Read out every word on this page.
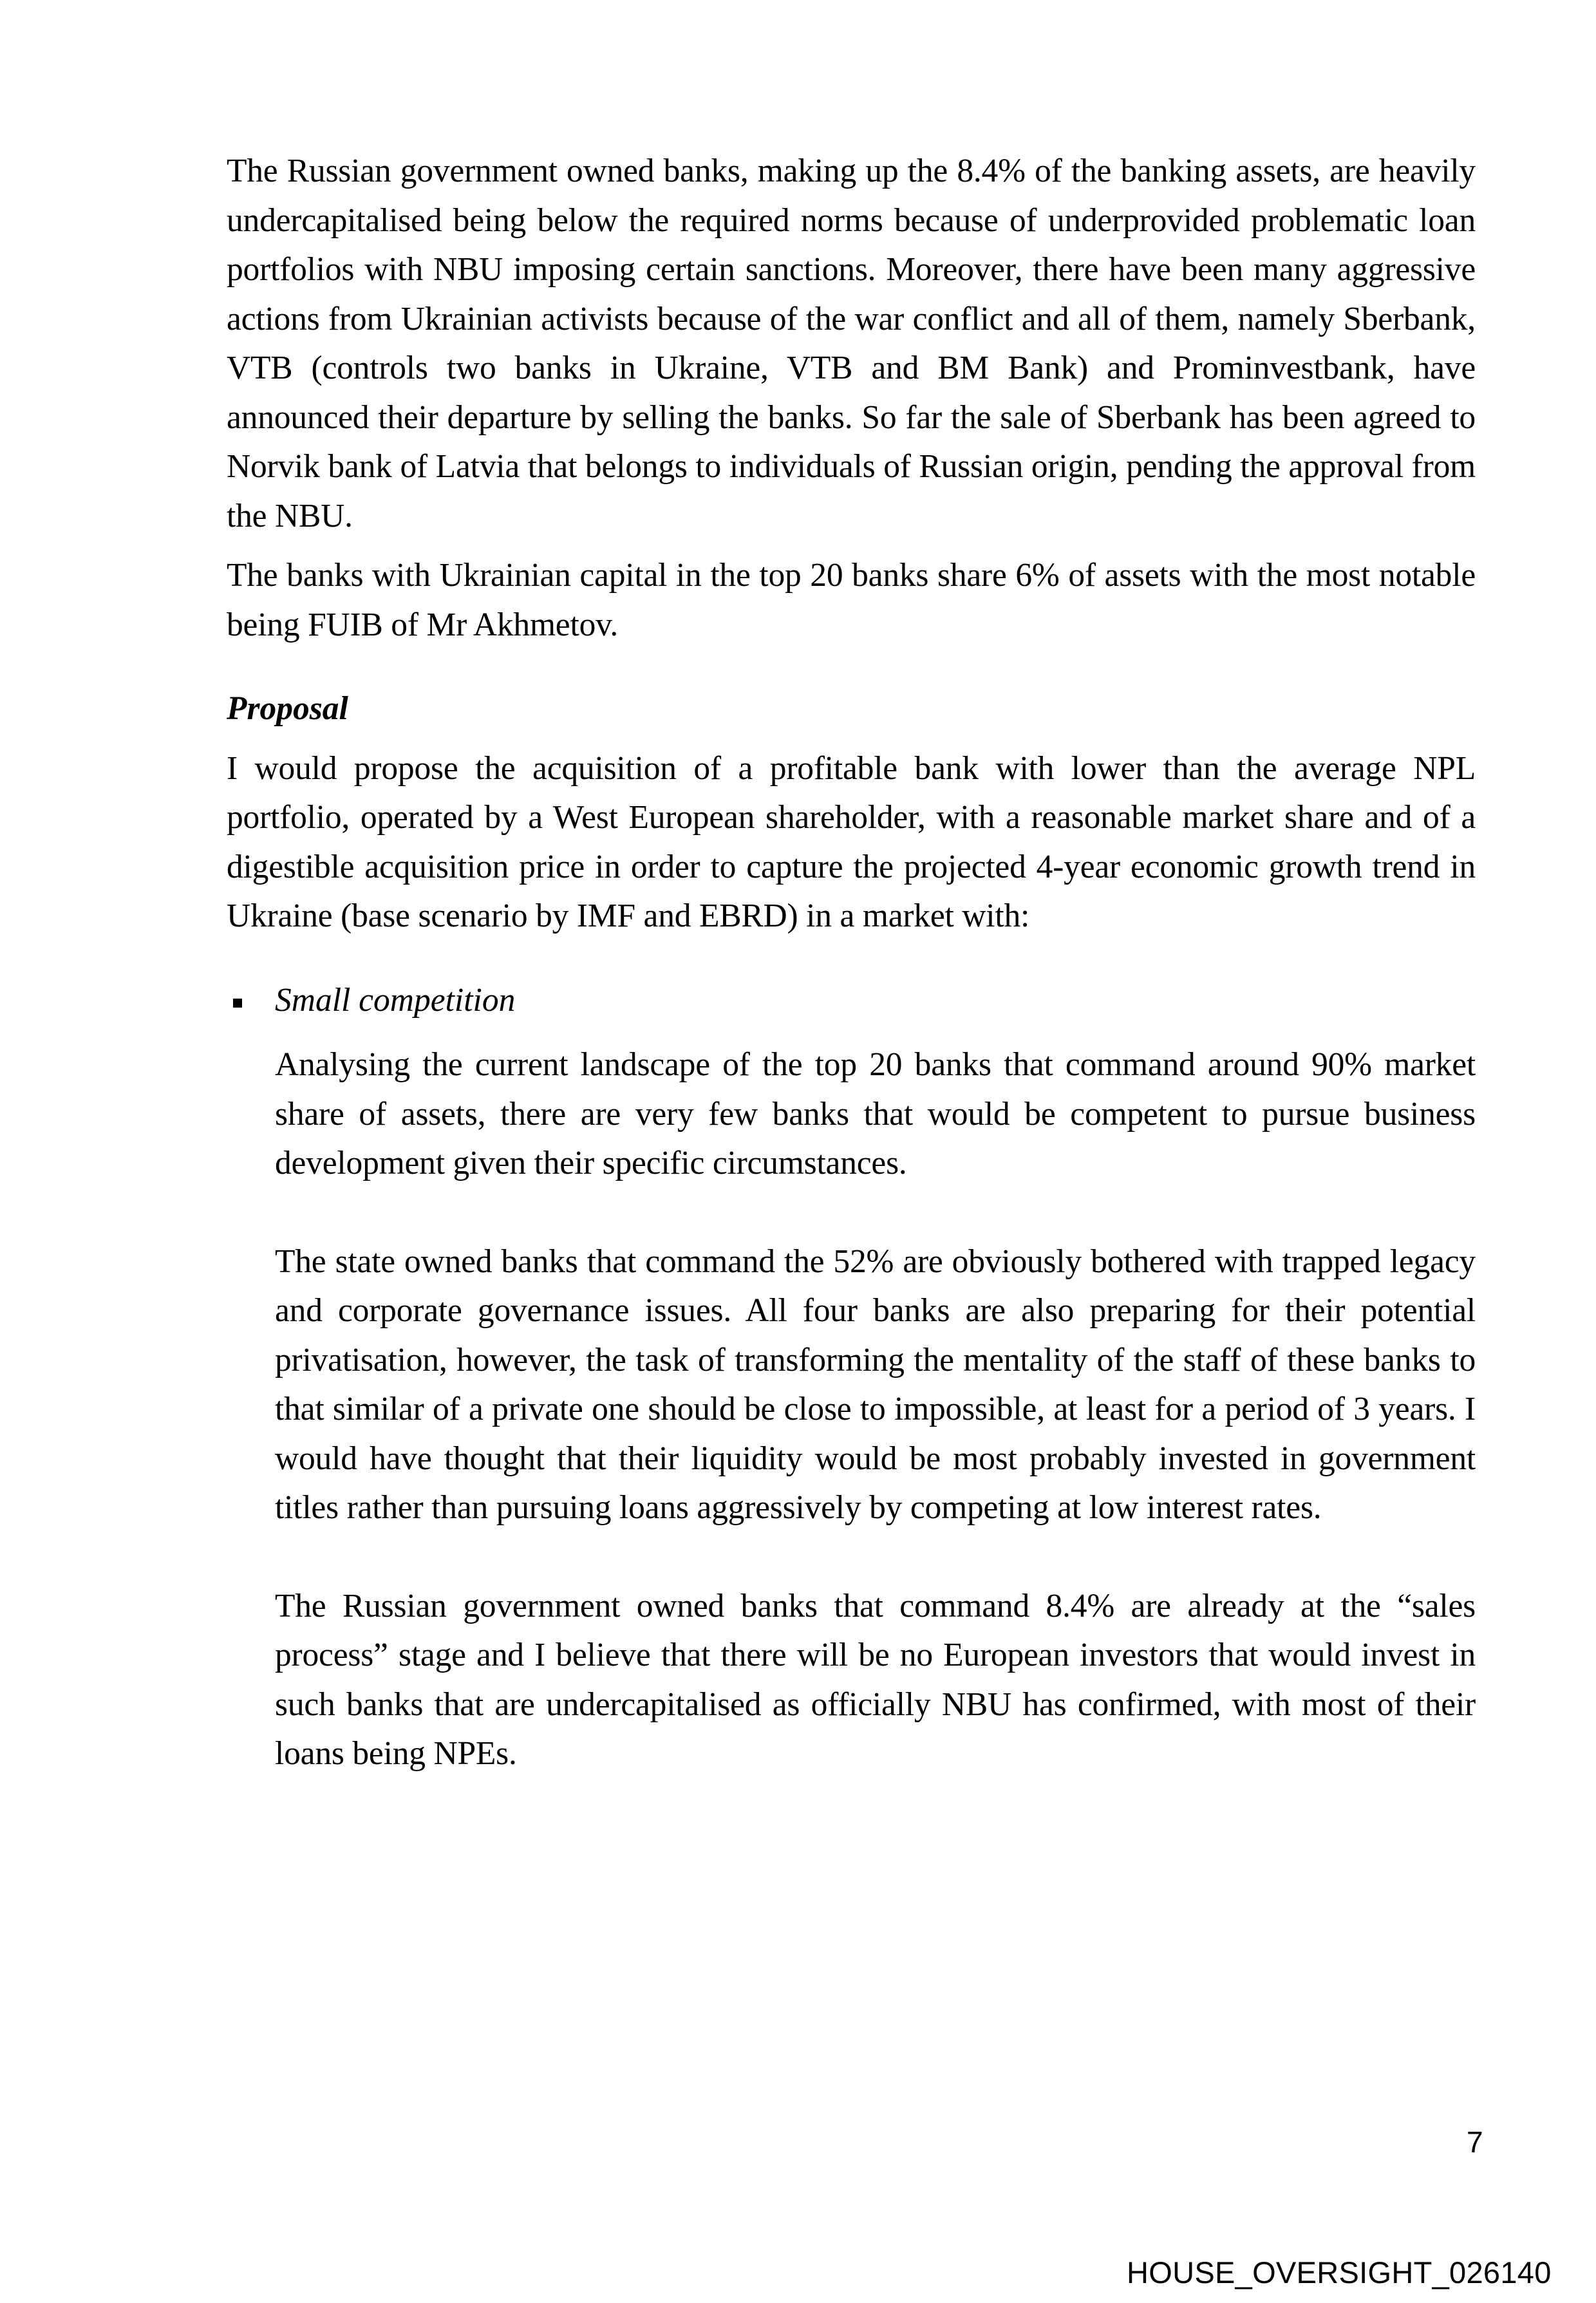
The Russian government owned banks, making up the 8.4% of the banking assets, are heavily undercapitalised being below the required norms because of underprovided problematic loan portfolios with NBU imposing certain sanctions. Moreover, there have been many aggressive actions from Ukrainian activists because of the war conflict and all of them, namely Sberbank, VTB (controls two banks in Ukraine, VTB and BM Bank) and Prominvestbank, have announced their departure by selling the banks. So far the sale of Sberbank has been agreed to Norvik bank of Latvia that belongs to individuals of Russian origin, pending the approval from the NBU.

The banks with Ukrainian capital in the top 20 banks share 6% of assets with the most notable being FUIB of Mr Akhmetov.

Proposal

I would propose the acquisition of a profitable bank with lower than the average NPL portfolio, operated by a West European shareholder, with a reasonable market share and of a digestible acquisition price in order to capture the projected 4-year economic growth trend in Ukraine (base scenario by IMF and EBRD) in a market with:

Small competition

Analysing the current landscape of the top 20 banks that command around 90% market share of assets, there are very few banks that would be competent to pursue business development given their specific circumstances.

The state owned banks that command the 52% are obviously bothered with trapped legacy and corporate governance issues. All four banks are also preparing for their potential privatisation, however, the task of transforming the mentality of the staff of these banks to that similar of a private one should be close to impossible, at least for a period of 3 years. I would have thought that their liquidity would be most probably invested in government titles rather than pursuing loans aggressively by competing at low interest rates.

The Russian government owned banks that command 8.4% are already at the “sales process” stage and I believe that there will be no European investors that would invest in such banks that are undercapitalised as officially NBU has confirmed, with most of their loans being NPEs.

7
HOUSE_OVERSIGHT_026140
